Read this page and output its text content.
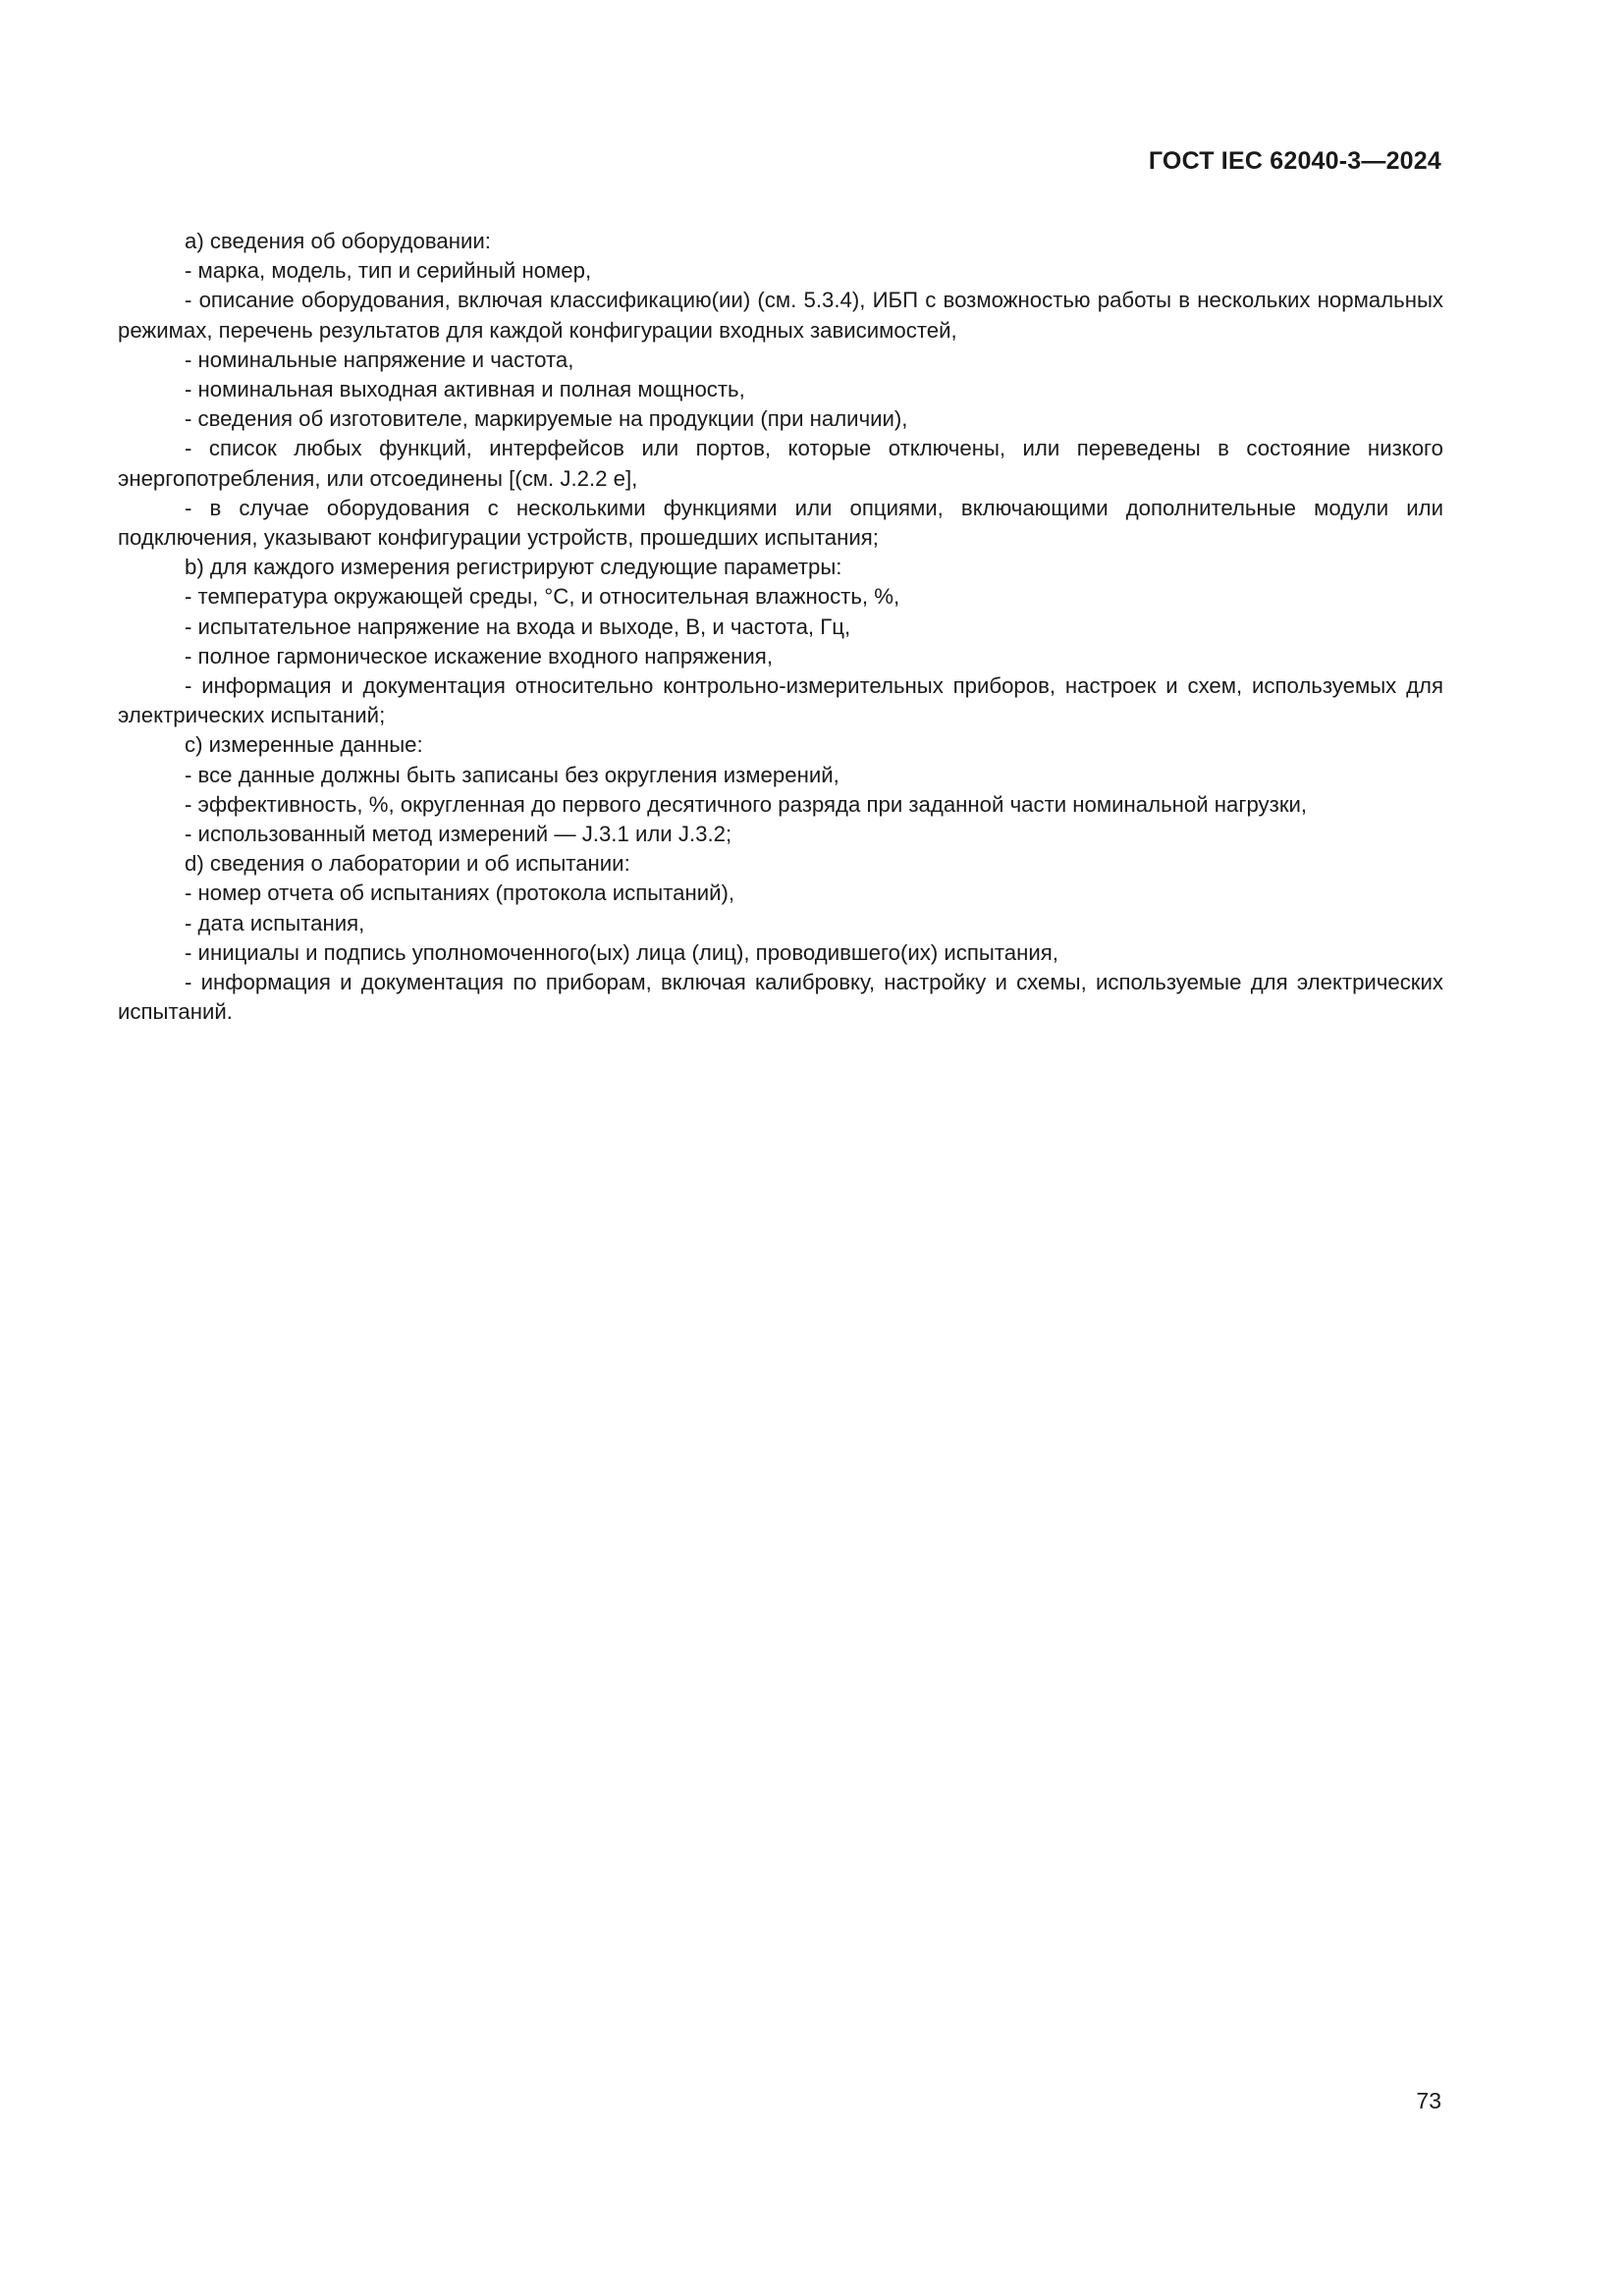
ГОСТ IEC 62040-3—2024

а) сведения об оборудовании:

- марка, модель, тип и серийный номер,

- описание оборудования, включая классификацию(ии) (см. 5.3.4), ИБП с возможностью работы в нескольких нормальных режимах, перечень результатов для каждой конфигурации входных зависимостей,

- номинальные напряжение и частота,

- номинальная выходная активная и полная мощность,

- сведения об изготовителе, маркируемые на продукции (при наличии),

- список любых функций, интерфейсов или портов, которые отключены, или переведены в состояние низкого энергопотребления, или отсоединены [(см. J.2.2 е],

- в случае оборудования с несколькими функциями или опциями, включающими дополнительные модули или подключения, указывают конфигурации устройств, прошедших испытания;

b) для каждого измерения регистрируют следующие параметры:

- температура окружающей среды, °С, и относительная влажность, %,

- испытательное напряжение на входа и выходе, В, и частота, Гц,

- полное гармоническое искажение входного напряжения,

- информация и документация относительно контрольно-измерительных приборов, настроек и схем, используемых для электрических испытаний;

с) измеренные данные:

- все данные должны быть записаны без округления измерений,

- эффективность, %, округленная до первого десятичного разряда при заданной части номинальной нагрузки,

- использованный метод измерений — J.3.1 или J.3.2;

d) сведения о лаборатории и об испытании:

- номер отчета об испытаниях (протокола испытаний),

- дата испытания,

- инициалы и подпись уполномоченного(ых) лица (лиц), проводившего(их) испытания,

- информация и документация по приборам, включая калибровку, настройку и схемы, используемые для электрических испытаний.

73
